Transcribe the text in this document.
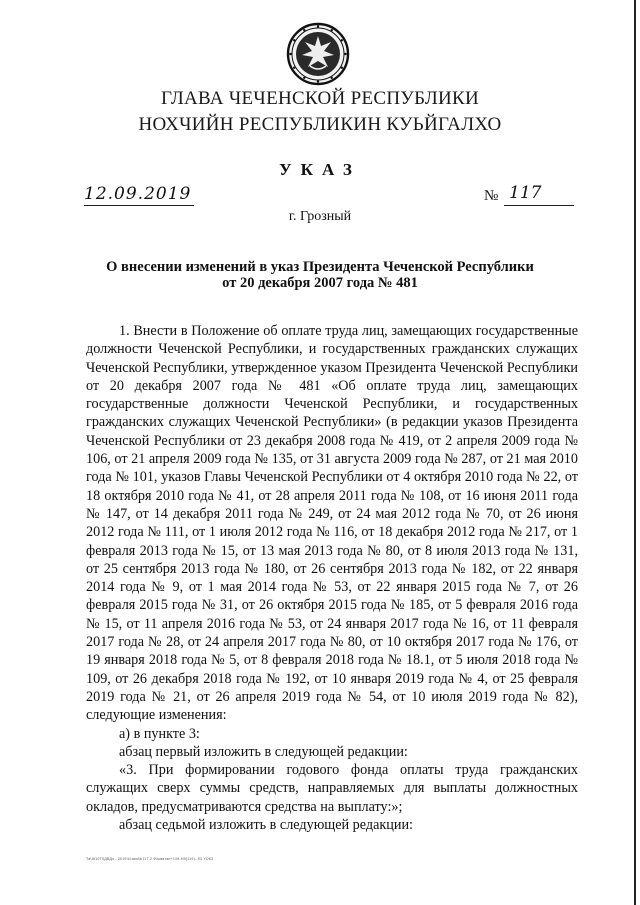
ГЛАВА ЧЕЧЕНСКОЙ РЕСПУБЛИКИ
НОХЧИЙН РЕСПУБЛИКИН КУЬЙГАЛХО
УКАЗ
12.09.2019	№ 117
г. Грозный
О внесении изменений в указ Президента Чеченской Республики
от 20 декабря 2007 года № 481

1. Внести в Положение об оплате труда лиц, замещающих государственные должности Чеченской Республики, и государственных гражданских служащих Чеченской Республики, утвержденное указом Президента Чеченской Республики от 20 декабря 2007 года № 481 «Об оплате труда лиц, замещающих государственные должности Чеченской Республики, и государственных гражданских служащих Чеченской Республики» (в редакции указов Президента Чеченской Республики от 23 декабря 2008 года № 419, от 2 апреля 2009 года № 106, от 21 апреля 2009 года № 135, от 31 августа 2009 года № 287, от 21 мая 2010 года № 101, указов Главы Чеченской Республики от 4 октября 2010 года № 22, от 18 октября 2010 года № 41, от 28 апреля 2011 года № 108, от 16 июня 2011 года № 147, от 14 декабря 2011 года № 249, от 24 мая 2012 года № 70, от 26 июня 2012 года № 111, от 1 июля 2012 года № 116, от 18 декабря 2012 года № 217, от 1 февраля 2013 года № 15, от 13 мая 2013 года № 80, от 8 июля 2013 года № 131, от 25 сентября 2013 года № 180, от 26 сентября 2013 года № 182, от 22 января 2014 года № 9, от 1 мая 2014 года № 53, от 22 января 2015 года № 7, от 26 февраля 2015 года № 31, от 26 октября 2015 года № 185, от 5 февраля 2016 года № 15, от 11 апреля 2016 года № 53, от 24 января 2017 года № 16, от 11 февраля 2017 года № 28, от 24 апреля 2017 года № 80, от 10 октября 2017 года № 176, от 19 января 2018 года № 5, от 8 февраля 2018 года № 18.1, от 5 июля 2018 года № 109, от 26 декабря 2018 года № 192, от 10 января 2019 года № 4, от 25 февраля 2019 года № 21, от 26 апреля 2019 года № 54, от 10 июля 2019 года № 82), следующие изменения:

а) в пункте 3:

абзац первый изложить в следующей редакции:

«3. При формировании годового фонда оплаты труда гражданских служащих сверх суммы средств, направляемых для выплаты должностных окладов, предусматриваются средства на выплату:»;

абзац седьмой изложить в следующей редакции:

ТаЧ610Т0ДВДэ - 2019Ч/гань№117.2 Ф/ыватан+1/М-Н9(119)--93 УОКЗ
